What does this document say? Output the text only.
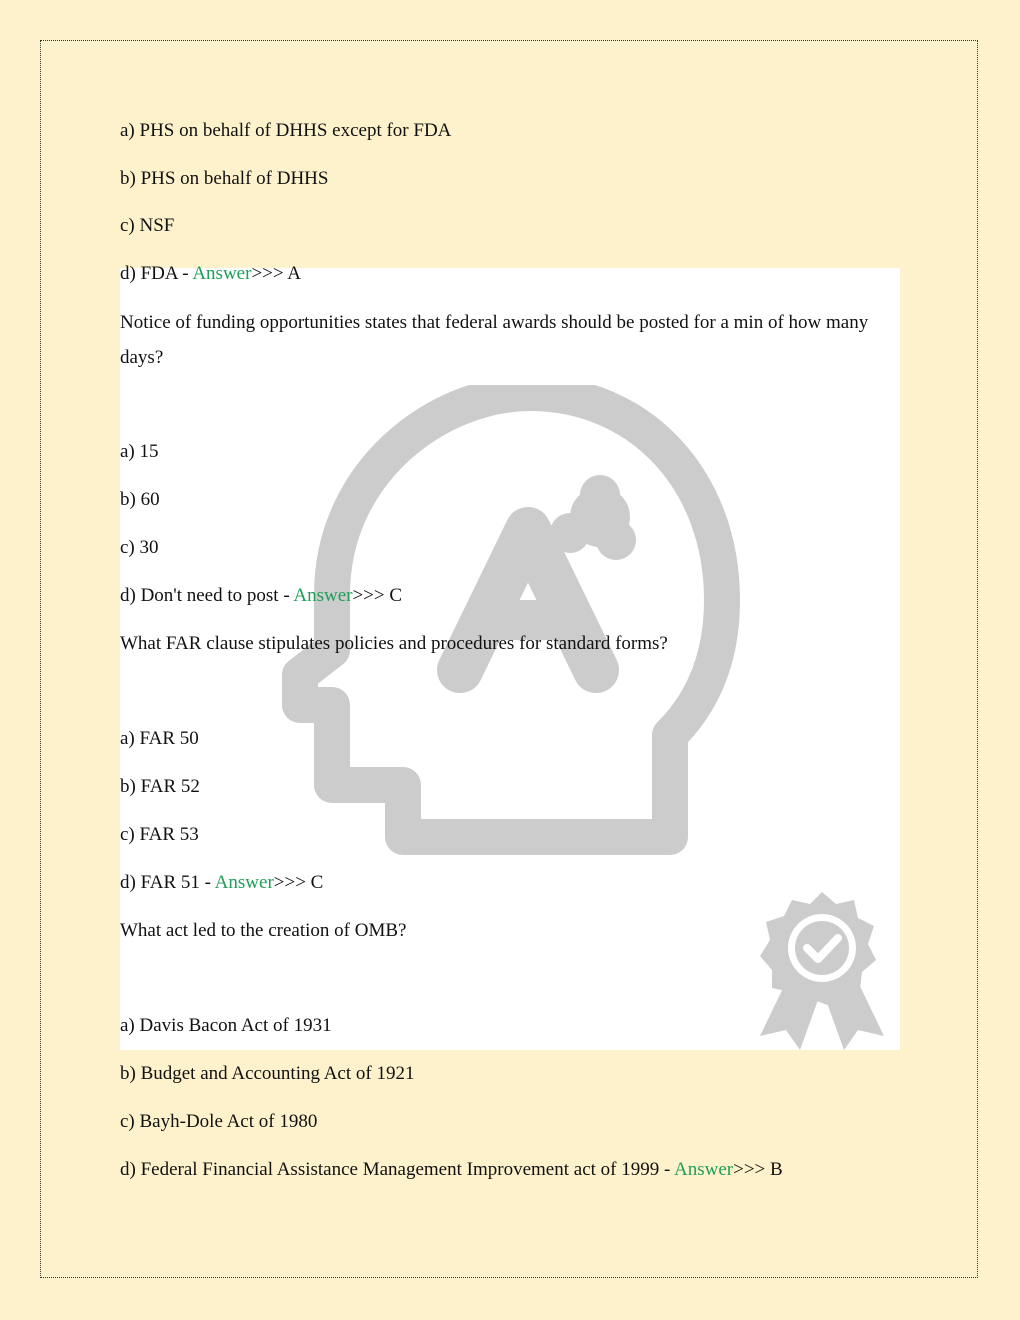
a) PHS on behalf of DHHS except for FDA

b) PHS on behalf of DHHS

c) NSF

d) FDA - Answer>>> A

Notice of funding opportunities states that federal awards should be posted for a min of how many days?

a) 15

b) 60

c) 30

d) Don't need to post - Answer>>> C

What FAR clause stipulates policies and procedures for standard forms?

a) FAR 50

b) FAR 52

c) FAR 53

d) FAR 51 - Answer>>> C

What act led to the creation of OMB?

a) Davis Bacon Act of 1931

b) Budget and Accounting Act of 1921

c) Bayh-Dole Act of 1980

d) Federal Financial Assistance Management Improvement act of 1999 - Answer>>> B
